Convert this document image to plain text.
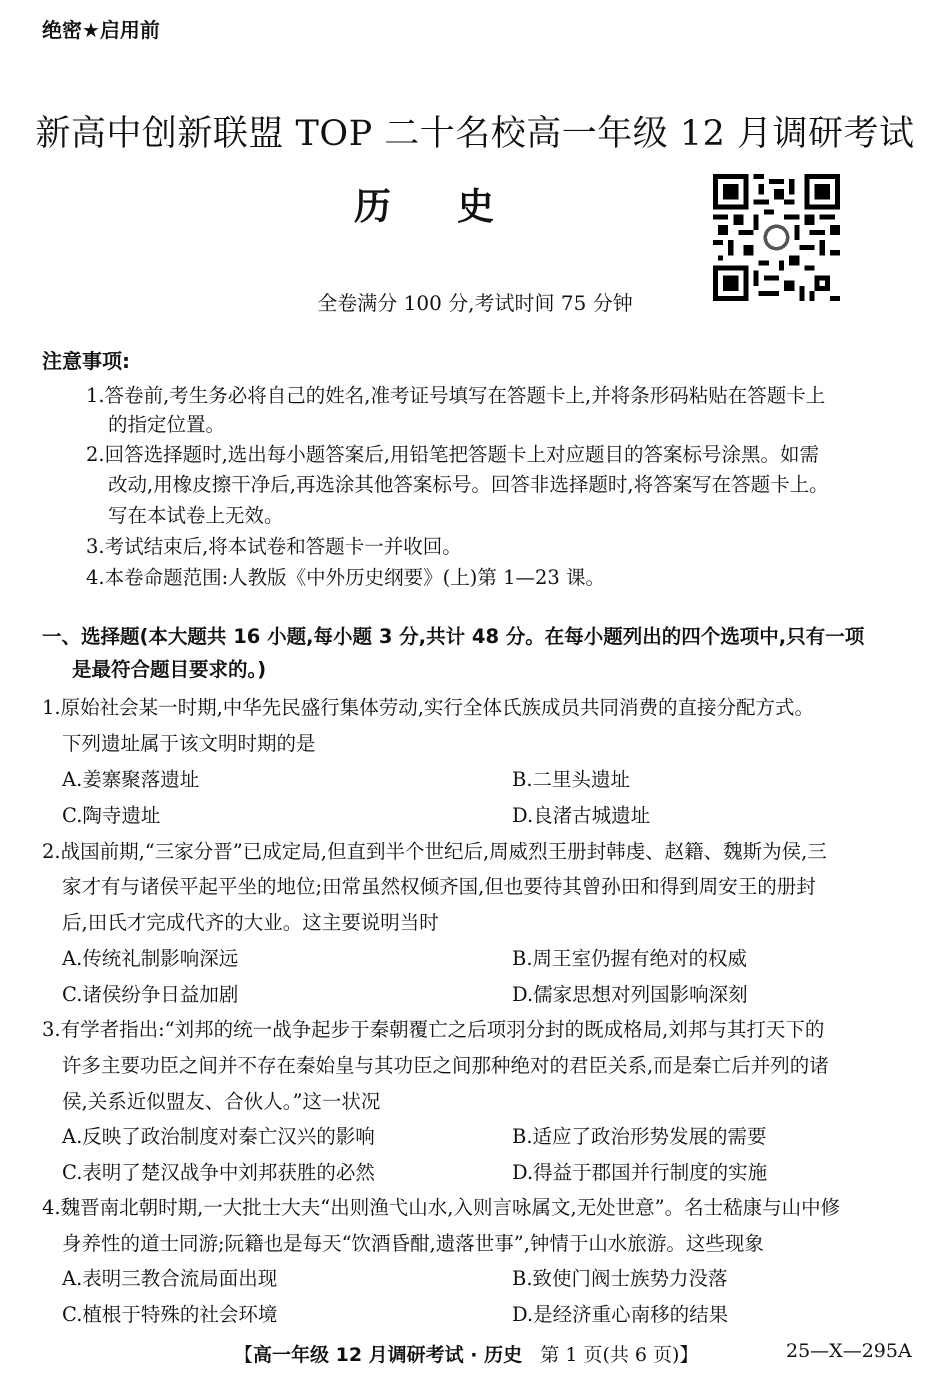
绝密★启用前
新高中创新联盟 TOP 二十名校高一年级 12 月调研考试
历史
全卷满分 100 分,考试时间 75 分钟
注意事项:
1.答卷前,考生务必将自己的姓名,准考证号填写在答题卡上,并将条形码粘贴在答题卡上
的指定位置。
2.回答选择题时,选出每小题答案后,用铅笔把答题卡上对应题目的答案标号涂黑。如需
改动,用橡皮擦干净后,再选涂其他答案标号。回答非选择题时,将答案写在答题卡上。
写在本试卷上无效。
3.考试结束后,将本试卷和答题卡一并收回。
4.本卷命题范围:人教版《中外历史纲要》(上)第 1—23 课。
一、选择题(本大题共 16 小题,每小题 3 分,共计 48 分。在每小题列出的四个选项中,只有一项
是最符合题目要求的。)
1.原始社会某一时期,中华先民盛行集体劳动,实行全体氏族成员共同消费的直接分配方式。
下列遗址属于该文明时期的是
A.姜寨聚落遗址	B.二里头遗址
C.陶寺遗址	D.良渚古城遗址
2.战国前期,“三家分晋”已成定局,但直到半个世纪后,周威烈王册封韩虔、赵籍、魏斯为侯,三
家才有与诸侯平起平坐的地位;田常虽然权倾齐国,但也要待其曾孙田和得到周安王的册封
后,田氏才完成代齐的大业。这主要说明当时
A.传统礼制影响深远	B.周王室仍握有绝对的权威
C.诸侯纷争日益加剧	D.儒家思想对列国影响深刻
3.有学者指出:“刘邦的统一战争起步于秦朝覆亡之后项羽分封的既成格局,刘邦与其打天下的
许多主要功臣之间并不存在秦始皇与其功臣之间那种绝对的君臣关系,而是秦亡后并列的诸
侯,关系近似盟友、合伙人。”这一状况
A.反映了政治制度对秦亡汉兴的影响	B.适应了政治形势发展的需要
C.表明了楚汉战争中刘邦获胜的必然	D.得益于郡国并行制度的实施
4.魏晋南北朝时期,一大批士大夫“出则渔弋山水,入则言咏属文,无处世意”。名士嵇康与山中修
身养性的道士同游;阮籍也是每天“饮酒昏酣,遗落世事”,钟情于山水旅游。这些现象
A.表明三教合流局面出现	B.致使门阀士族势力没落
C.植根于特殊的社会环境	D.是经济重心南移的结果
【高一年级 12 月调研考试 · 历史 第 1 页(共 6 页)】	25—X—295A
